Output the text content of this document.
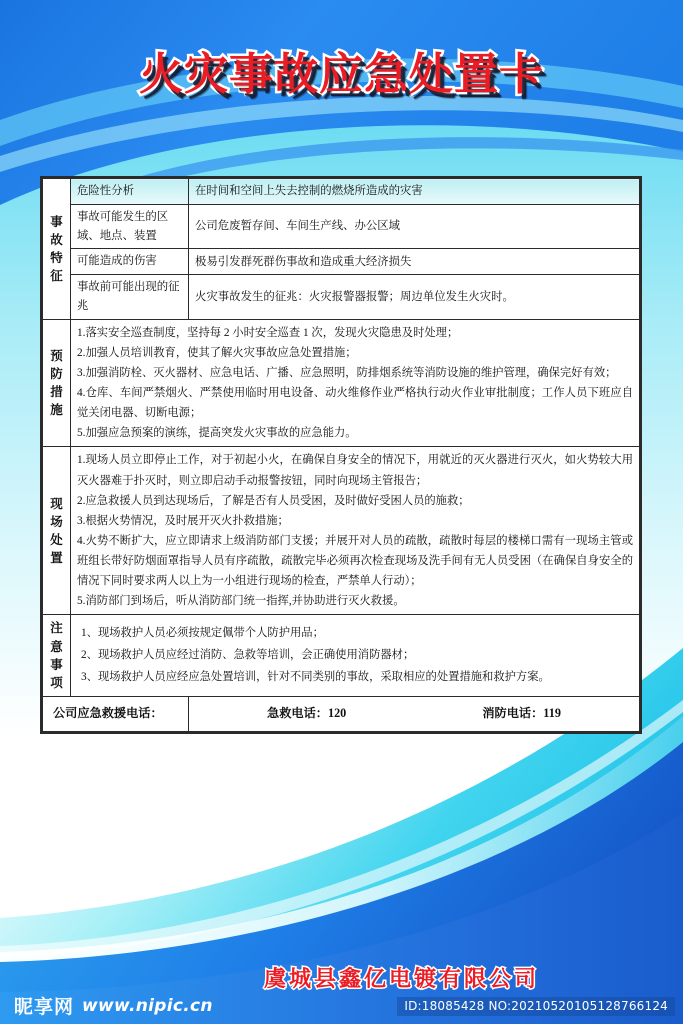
火灾事故应急处置卡
事
故
特
征	危险性分析	在时间和空间上失去控制的燃烧所造成的灾害
	事故可能发生的区域、地点、装置	公司危废暂存间、车间生产线、办公区域
	可能造成的伤害	极易引发群死群伤事故和造成重大经济损失
	事故前可能出现的征兆	火灾事故发生的征兆：火灾报警器报警；周边单位发生火灾时。

预
防
措
施

1.落实安全巡查制度，坚持每 2 小时安全巡查 1 次，发现火灾隐患及时处理；

2.加强人员培训教育，使其了解火灾事故应急处置措施；

3.加强消防栓、灭火器材、应急电话、广播、应急照明，防排烟系统等消防设施的维护管理，确保完好有效；

4.仓库、车间严禁烟火、严禁使用临时用电设备、动火维修作业严格执行动火作业审批制度；工作人员下班应自觉关闭电器、切断电源；

5.加强应急预案的演练，提高突发火灾事故的应急能力。

现
场
处
置

1.现场人员立即停止工作，对于初起小火，在确保自身安全的情况下，用就近的灭火器进行灭火，如火势较大用灭火器难于扑灭时，则立即启动手动报警按钮，同时向现场主管报告；

2.应急救援人员到达现场后，了解是否有人员受困，及时做好受困人员的施救；

3.根据火势情况，及时展开灭火扑救措施；

4.火势不断扩大，应立即请求上级消防部门支援；并展开对人员的疏散，疏散时每层的楼梯口需有一现场主管或班组长带好防烟面罩指导人员有序疏散，疏散完毕必须再次检查现场及洗手间有无人员受困（在确保自身安全的情况下同时要求两人以上为一小组进行现场的检查，严禁单人行动）；

5.消防部门到场后，听从消防部门统一指挥,并协助进行灭火救援。

注
意
事
项

1、现场救护人员必须按规定佩带个人防护用品；

2、现场救护人员应经过消防、急救等培训，会正确使用消防器材；

3、现场救护人员应经应急处置培训，针对不同类别的事故，采取相应的处置措施和救护方案。

公司应急救援电话：		急救电话：120 消防电话：119
虞城县鑫亿电镀有限公司
昵享网 www.nipic.cn	ID:18085428 NO:20210520105128766124
